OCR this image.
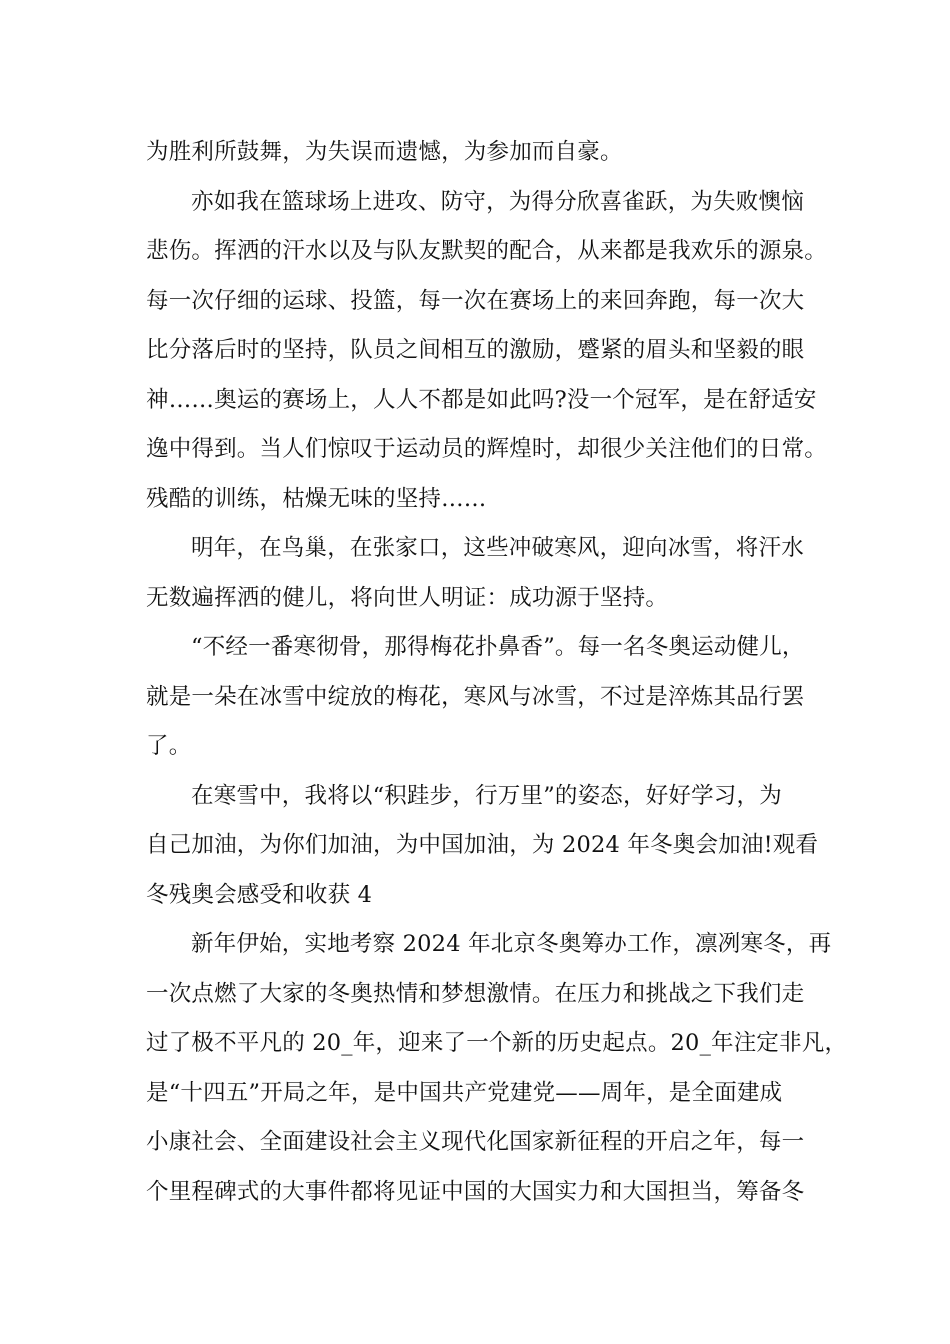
为胜利所鼓舞，为失误而遗憾，为参加而自豪。
亦如我在篮球场上进攻、防守，为得分欣喜雀跃，为失败懊恼
悲伤。挥洒的汗水以及与队友默契的配合，从来都是我欢乐的源泉。
每一次仔细的运球、投篮，每一次在赛场上的来回奔跑，每一次大
比分落后时的坚持，队员之间相互的激励，蹙紧的眉头和坚毅的眼
神……奥运的赛场上，人人不都是如此吗?没一个冠军，是在舒适安
逸中得到。当人们惊叹于运动员的辉煌时，却很少关注他们的日常。
残酷的训练，枯燥无味的坚持……
明年，在鸟巢，在张家口，这些冲破寒风，迎向冰雪，将汗水
无数遍挥洒的健儿，将向世人明证：成功源于坚持。
“不经一番寒彻骨，那得梅花扑鼻香”。每一名冬奥运动健儿，
就是一朵在冰雪中绽放的梅花，寒风与冰雪，不过是淬炼其品行罢
了。
在寒雪中，我将以“积跬步，行万里”的姿态，好好学习，为
自己加油，为你们加油，为中国加油，为 2024 年冬奥会加油!观看
冬残奥会感受和收获 4
新年伊始，实地考察 2024 年北京冬奥筹办工作，凛冽寒冬，再
一次点燃了大家的冬奥热情和梦想激情。在压力和挑战之下我们走
过了极不平凡的 20_年，迎来了一个新的历史起点。20_年注定非凡，
是“十四五”开局之年，是中国共产党建党——周年，是全面建成
小康社会、全面建设社会主义现代化国家新征程的开启之年，每一
个里程碑式的大事件都将见证中国的大国实力和大国担当，筹备冬
